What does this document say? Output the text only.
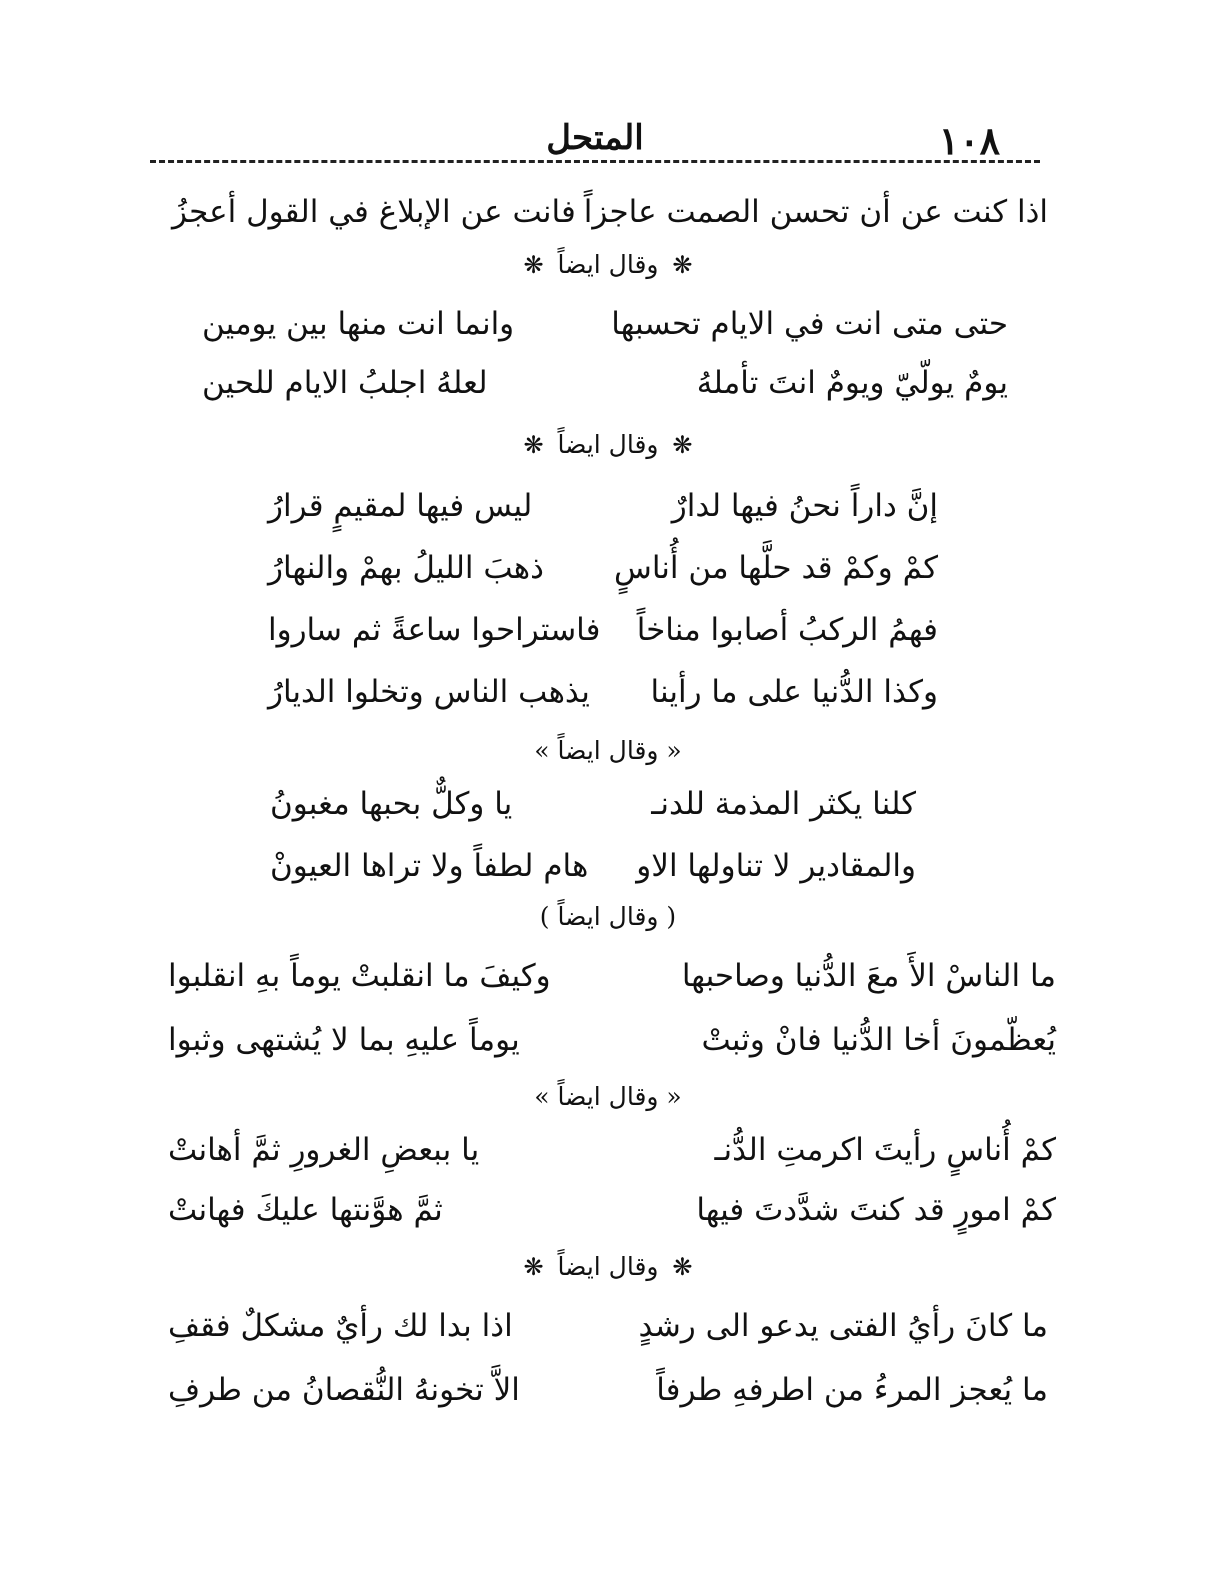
١٠٨
المتحل
اذا كنت عن أن تحسن الصمت عاجزاً
فانت عن الإبلاغ في القول أعجزُ
❋ وقال ايضاً ❋
حتى متى انت في الايام تحسبها
وانما انت منها بين يومين
يومٌ يولّيّ ويومٌ انتَ تأملهُ
لعلهُ اجلبُ الايام للحين
❋ وقال ايضاً ❋
إنَّ داراً نحنُ فيها لدارٌ
ليس فيها لمقيمٍ قرارُ
كمْ وكمْ قد حلَّها من أُناسٍ
ذهبَ الليلُ بهمْ والنهارُ
فهمُ الركبُ أصابوا مناخاً
فاستراحوا ساعةً ثم ساروا
وكذا الدُّنيا على ما رأينا
يذهب الناس وتخلوا الديارُ
« وقال ايضاً »
كلنا يكثر المذمة للدنـ
يا وكلٌّ بحبها مغبونُ
والمقادير لا تناولها الاو
هام لطفاً ولا تراها العيونْ
( وقال ايضاً )
ما الناسْ الأَ معَ الدُّنيا وصاحبها
وكيفَ ما انقلبتْ يوماً بهِ انقلبوا
يُعظّمونَ أخا الدُّنيا فانْ وثبتْ
يوماً عليهِ بما لا يُشتهى وثبوا
« وقال ايضاً »
كمْ أُناسٍ رأيتَ اكرمتِ الدُّنـ
يا ببعضِ الغرورِ ثمَّ أهانتْ
كمْ امورٍ قد كنتَ شدَّدتَ فيها
ثمَّ هوَّنتها عليكَ فهانتْ
❋ وقال ايضاً ❋
ما كانَ رأيُ الفتى يدعو الى رشدٍ
اذا بدا لك رأيٌ مشكلٌ فقفِ
ما يُعجز المرءُ من اطرفهِ طرفاً
الاَّ تخونهُ النُّقصانُ من طرفِ
